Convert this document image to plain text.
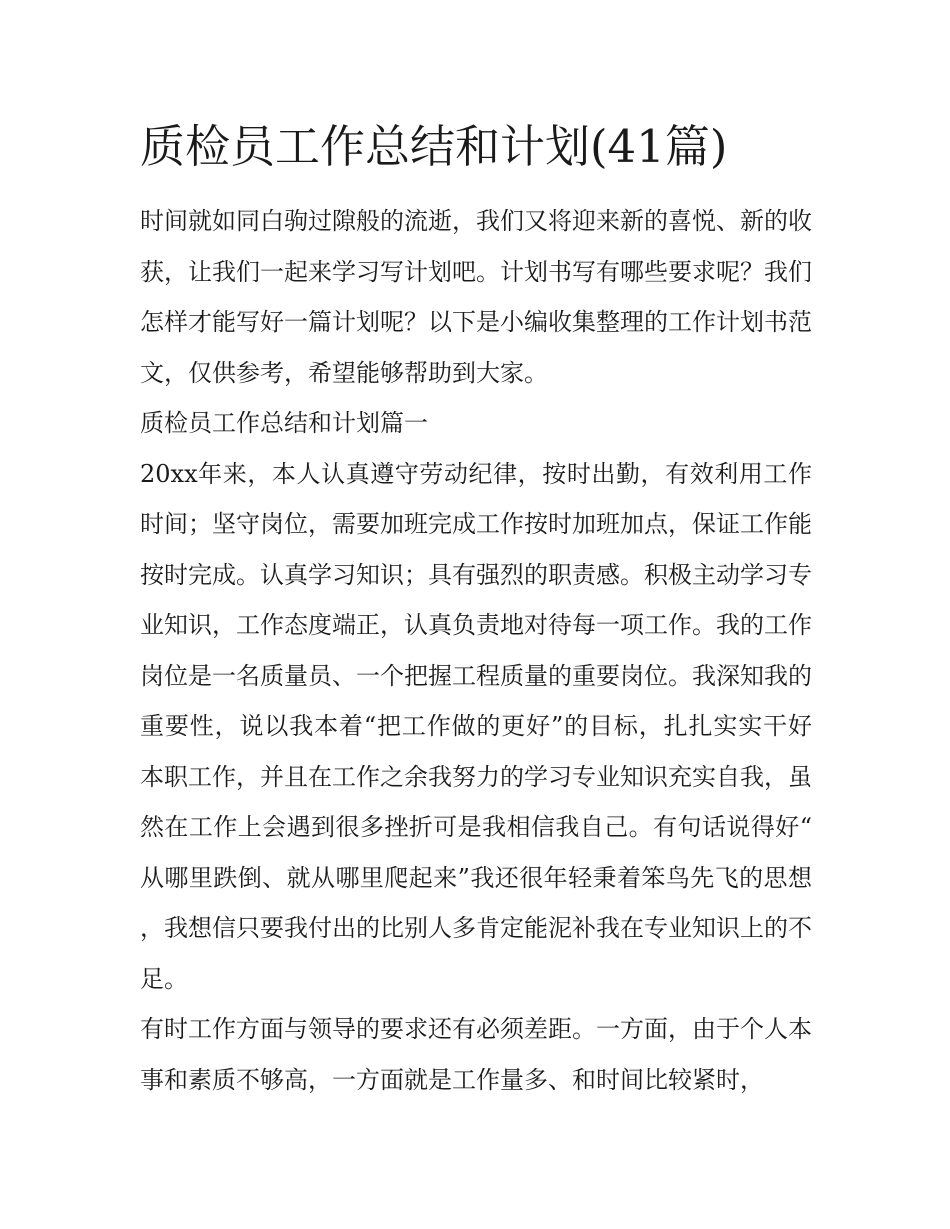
质检员工作总结和计划(41篇)

时间就如同白驹过隙般的流逝，我们又将迎来新的喜悦、新的收获，让我们一起来学习写计划吧。计划书写有哪些要求呢？我们怎样才能写好一篇计划呢？以下是小编收集整理的工作计划书范文，仅供参考，希望能够帮助到大家。

质检员工作总结和计划篇一

20xx年来，本人认真遵守劳动纪律，按时出勤，有效利用工作时间；坚守岗位，需要加班完成工作按时加班加点，保证工作能按时完成。认真学习知识；具有强烈的职责感。积极主动学习专业知识，工作态度端正，认真负责地对待每一项工作。我的工作岗位是一名质量员、一个把握工程质量的重要岗位。我深知我的重要性，说以我本着“把工作做的更好”的目标，扎扎实实干好本职工作，并且在工作之余我努力的学习专业知识充实自我，虽然在工作上会遇到很多挫折可是我相信我自己。有句话说得好“从哪里跌倒、就从哪里爬起来”我还很年轻秉着笨鸟先飞的思想，我想信只要我付出的比别人多肯定能泥补我在专业知识上的不足。

有时工作方面与领导的要求还有必须差距。一方面，由于个人本事和素质不够高，一方面就是工作量多、和时间比较紧时，
